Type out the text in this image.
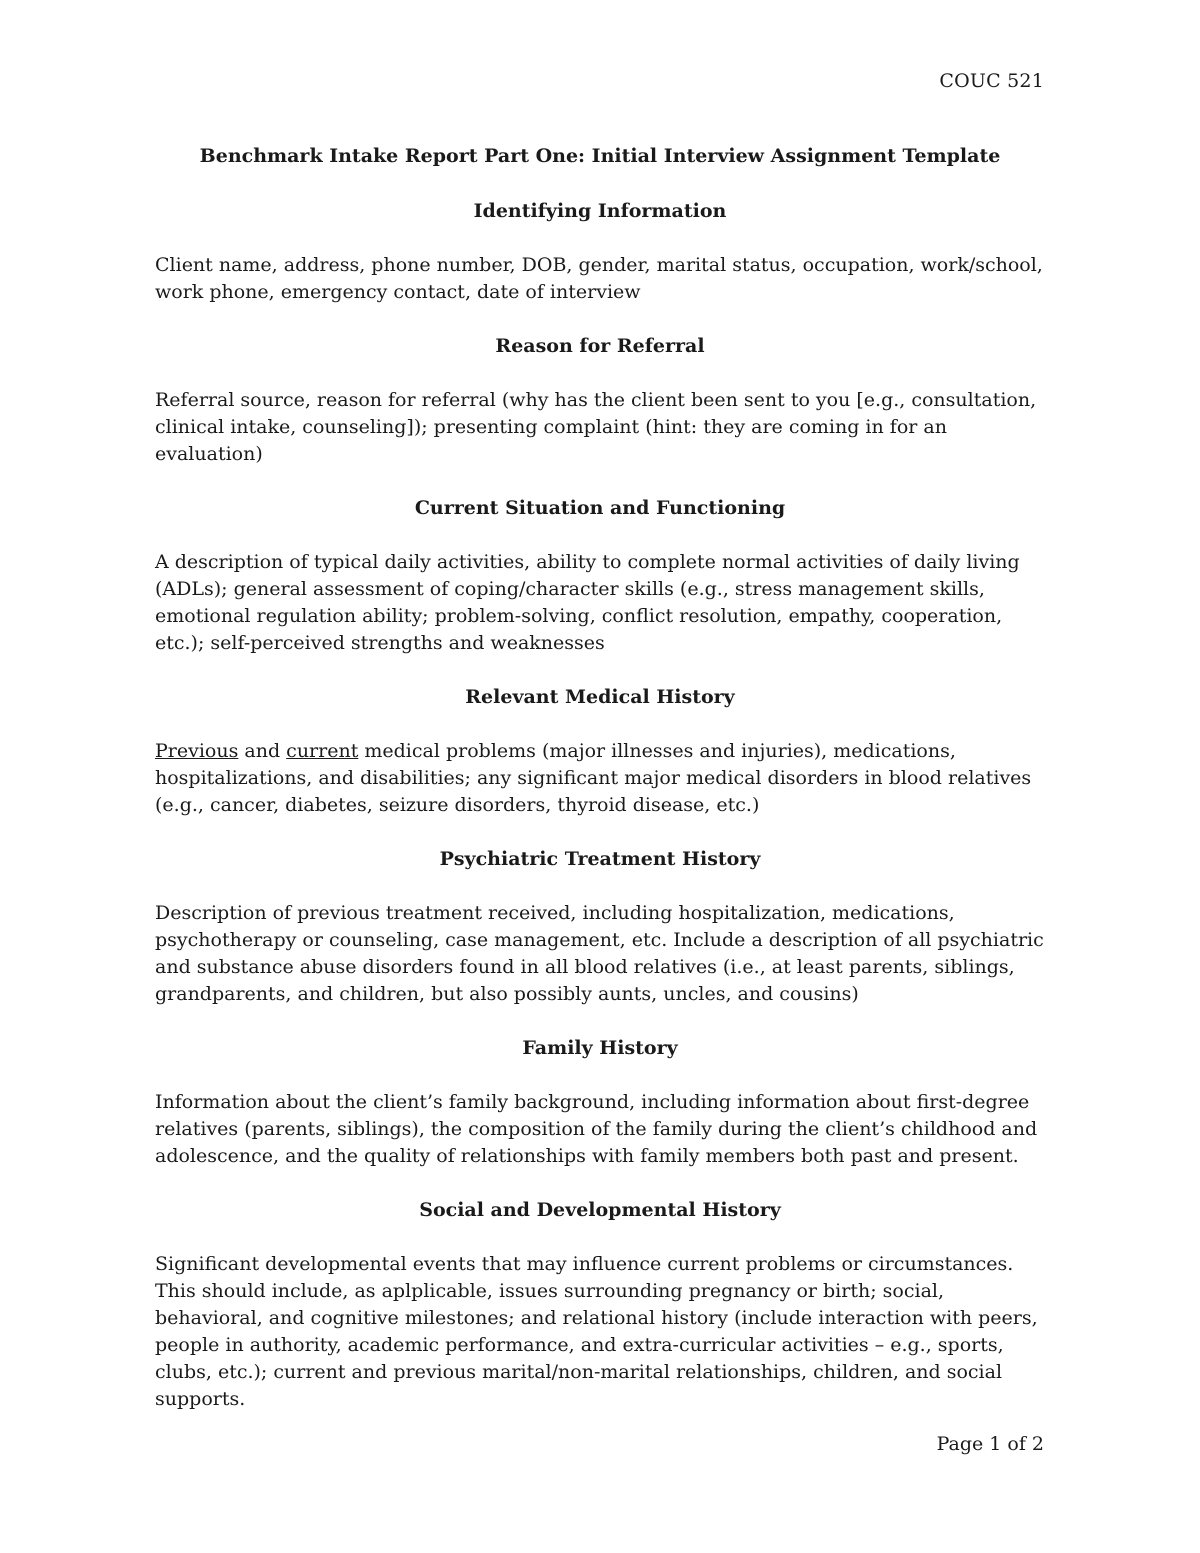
COUC 521
Benchmark Intake Report Part One: Initial Interview Assignment Template
Identifying Information
Client name, address, phone number, DOB, gender, marital status, occupation, work/school, work phone, emergency contact, date of interview
Reason for Referral
Referral source, reason for referral (why has the client been sent to you [e.g., consultation, clinical intake, counseling]); presenting complaint (hint: they are coming in for an evaluation)
Current Situation and Functioning
A description of typical daily activities, ability to complete normal activities of daily living (ADLs); general assessment of coping/character skills (e.g., stress management skills, emotional regulation ability; problem-solving, conflict resolution, empathy, cooperation, etc.); self-perceived strengths and weaknesses
Relevant Medical History
Previous and current medical problems (major illnesses and injuries), medications, hospitalizations, and disabilities; any significant major medical disorders in blood relatives (e.g., cancer, diabetes, seizure disorders, thyroid disease, etc.)
Psychiatric Treatment History
Description of previous treatment received, including hospitalization, medications, psychotherapy or counseling, case management, etc. Include a description of all psychiatric and substance abuse disorders found in all blood relatives (i.e., at least parents, siblings, grandparents, and children, but also possibly aunts, uncles, and cousins)
Family History
Information about the client’s family background, including information about first-degree relatives (parents, siblings), the composition of the family during the client’s childhood and adolescence, and the quality of relationships with family members both past and present.
Social and Developmental History
Significant developmental events that may influence current problems or circumstances. This should include, as aplplicable, issues surrounding pregnancy or birth; social, behavioral, and cognitive milestones; and relational history (include interaction with peers, people in authority, academic performance, and extra-curricular activities – e.g., sports, clubs, etc.); current and previous marital/non-marital relationships, children, and social supports.
Page 1 of 2
